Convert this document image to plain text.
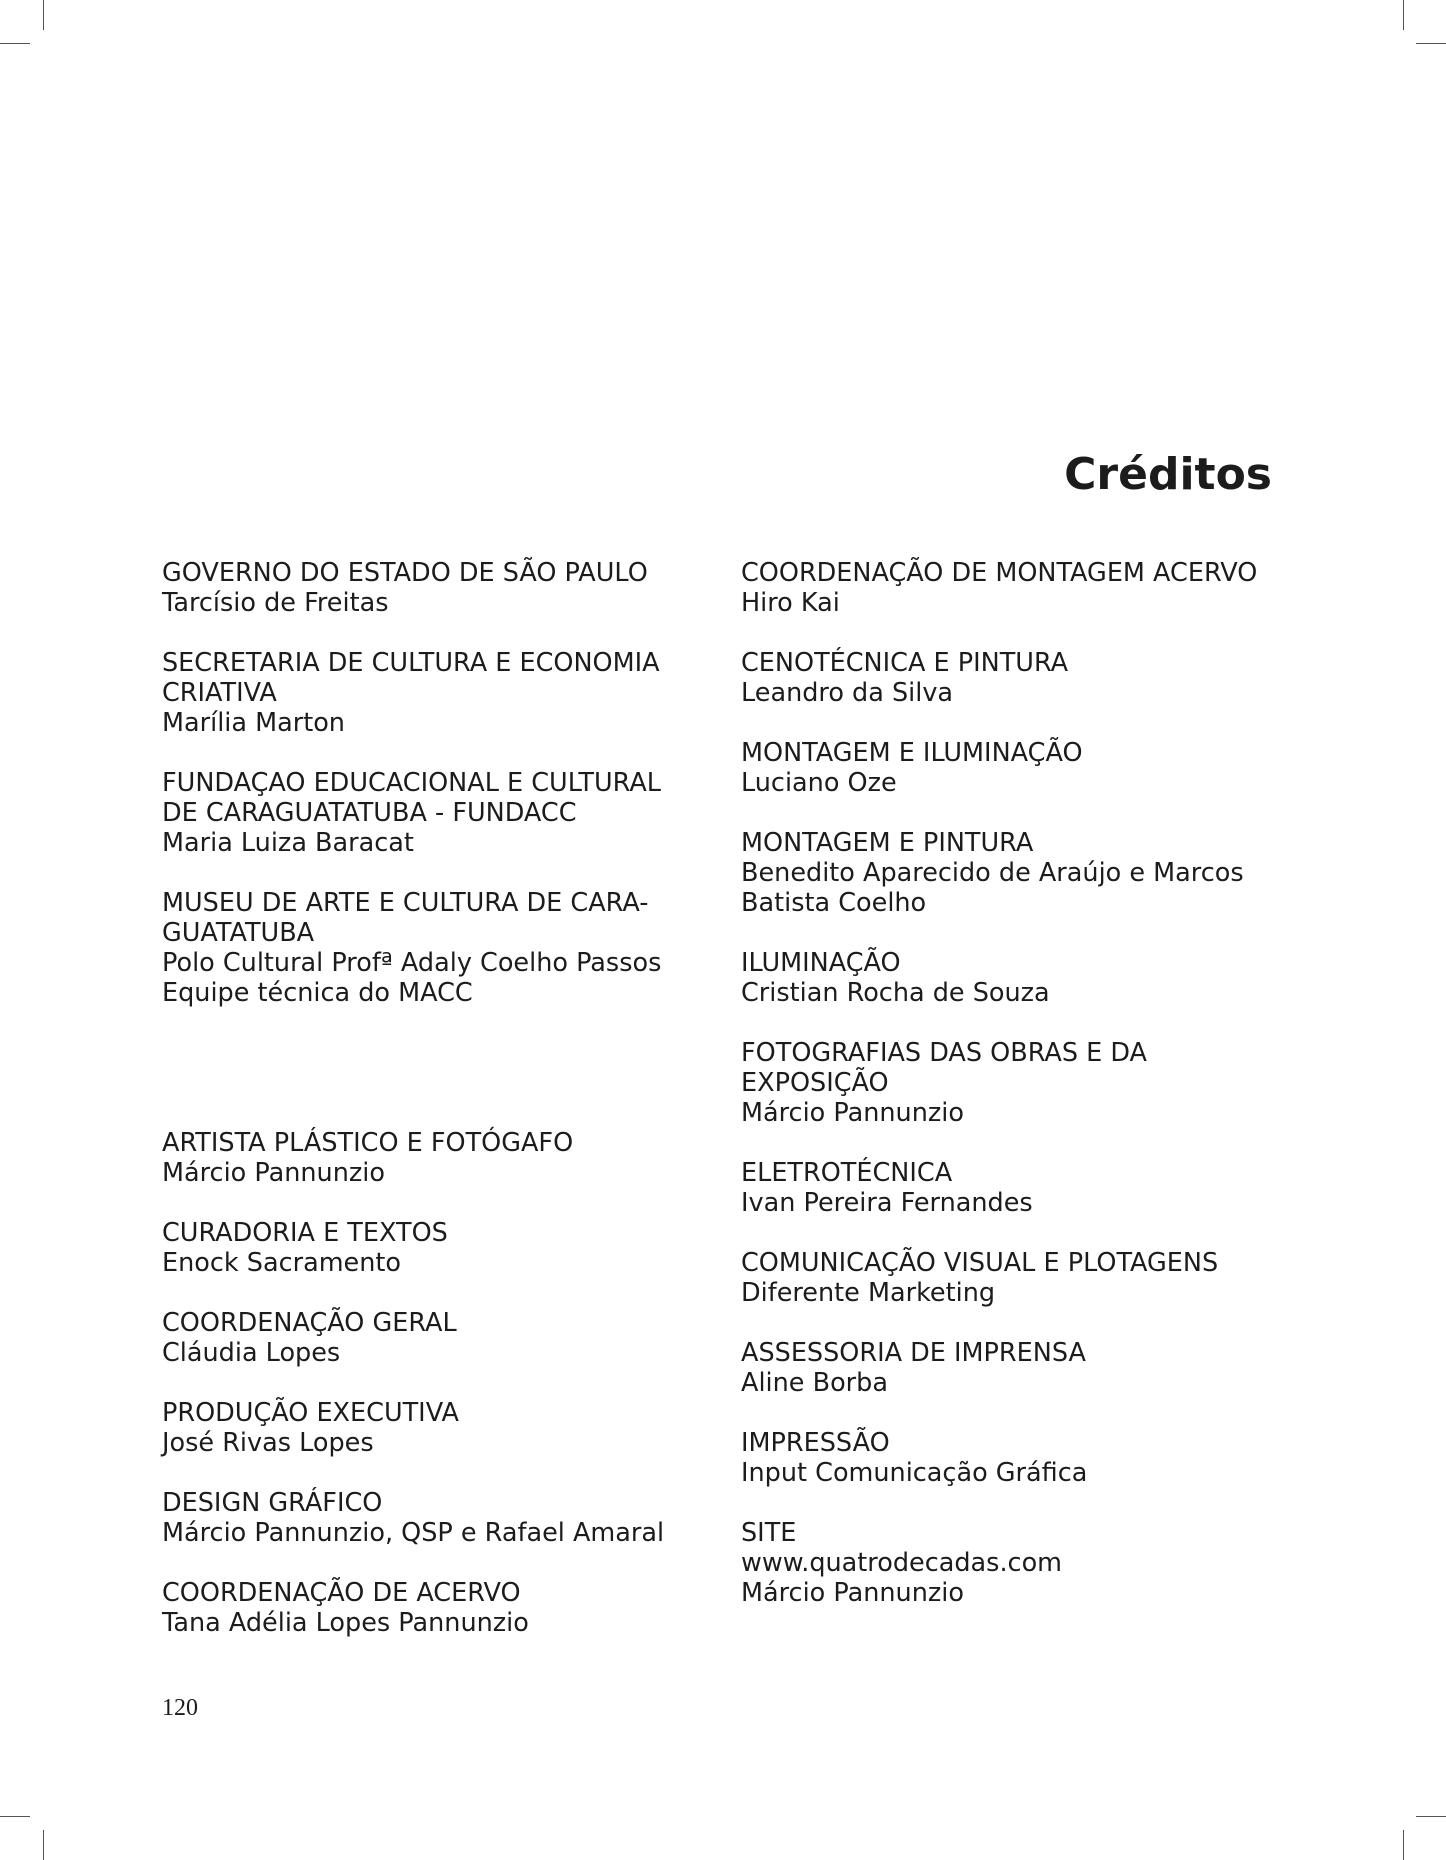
Créditos
GOVERNO DO ESTADO DE SÃO PAULO
Tarcísio de Freitas
SECRETARIA DE CULTURA E ECONOMIA
CRIATIVA
Marília Marton
FUNDAÇAO EDUCACIONAL E CULTURAL
DE CARAGUATATUBA - FUNDACC
Maria Luiza Baracat
MUSEU DE ARTE E CULTURA DE CARA-
GUATATUBA
Polo Cultural Profª Adaly Coelho Passos
Equipe técnica do MACC
ARTISTA PLÁSTICO E FOTÓGAFO
Márcio Pannunzio
CURADORIA E TEXTOS
Enock Sacramento
COORDENAÇÃO GERAL
Cláudia Lopes
PRODUÇÃO EXECUTIVA
José Rivas Lopes
DESIGN GRÁFICO
Márcio Pannunzio, QSP e Rafael Amaral
COORDENAÇÃO DE ACERVO
Tana Adélia Lopes Pannunzio
COORDENAÇÃO DE MONTAGEM ACERVO
Hiro Kai
CENOTÉCNICA E PINTURA
Leandro da Silva
MONTAGEM E ILUMINAÇÃO
Luciano Oze
MONTAGEM E PINTURA
Benedito Aparecido de Araújo e Marcos
Batista Coelho
ILUMINAÇÃO
Cristian Rocha de Souza
FOTOGRAFIAS DAS OBRAS E DA
EXPOSIÇÃO
Márcio Pannunzio
ELETROTÉCNICA
Ivan Pereira Fernandes
COMUNICAÇÃO VISUAL E PLOTAGENS
Diferente Marketing
ASSESSORIA DE IMPRENSA
Aline Borba
IMPRESSÃO
Input Comunicação Gráfica
SITE
www.quatrodecadas.com
Márcio Pannunzio
120
